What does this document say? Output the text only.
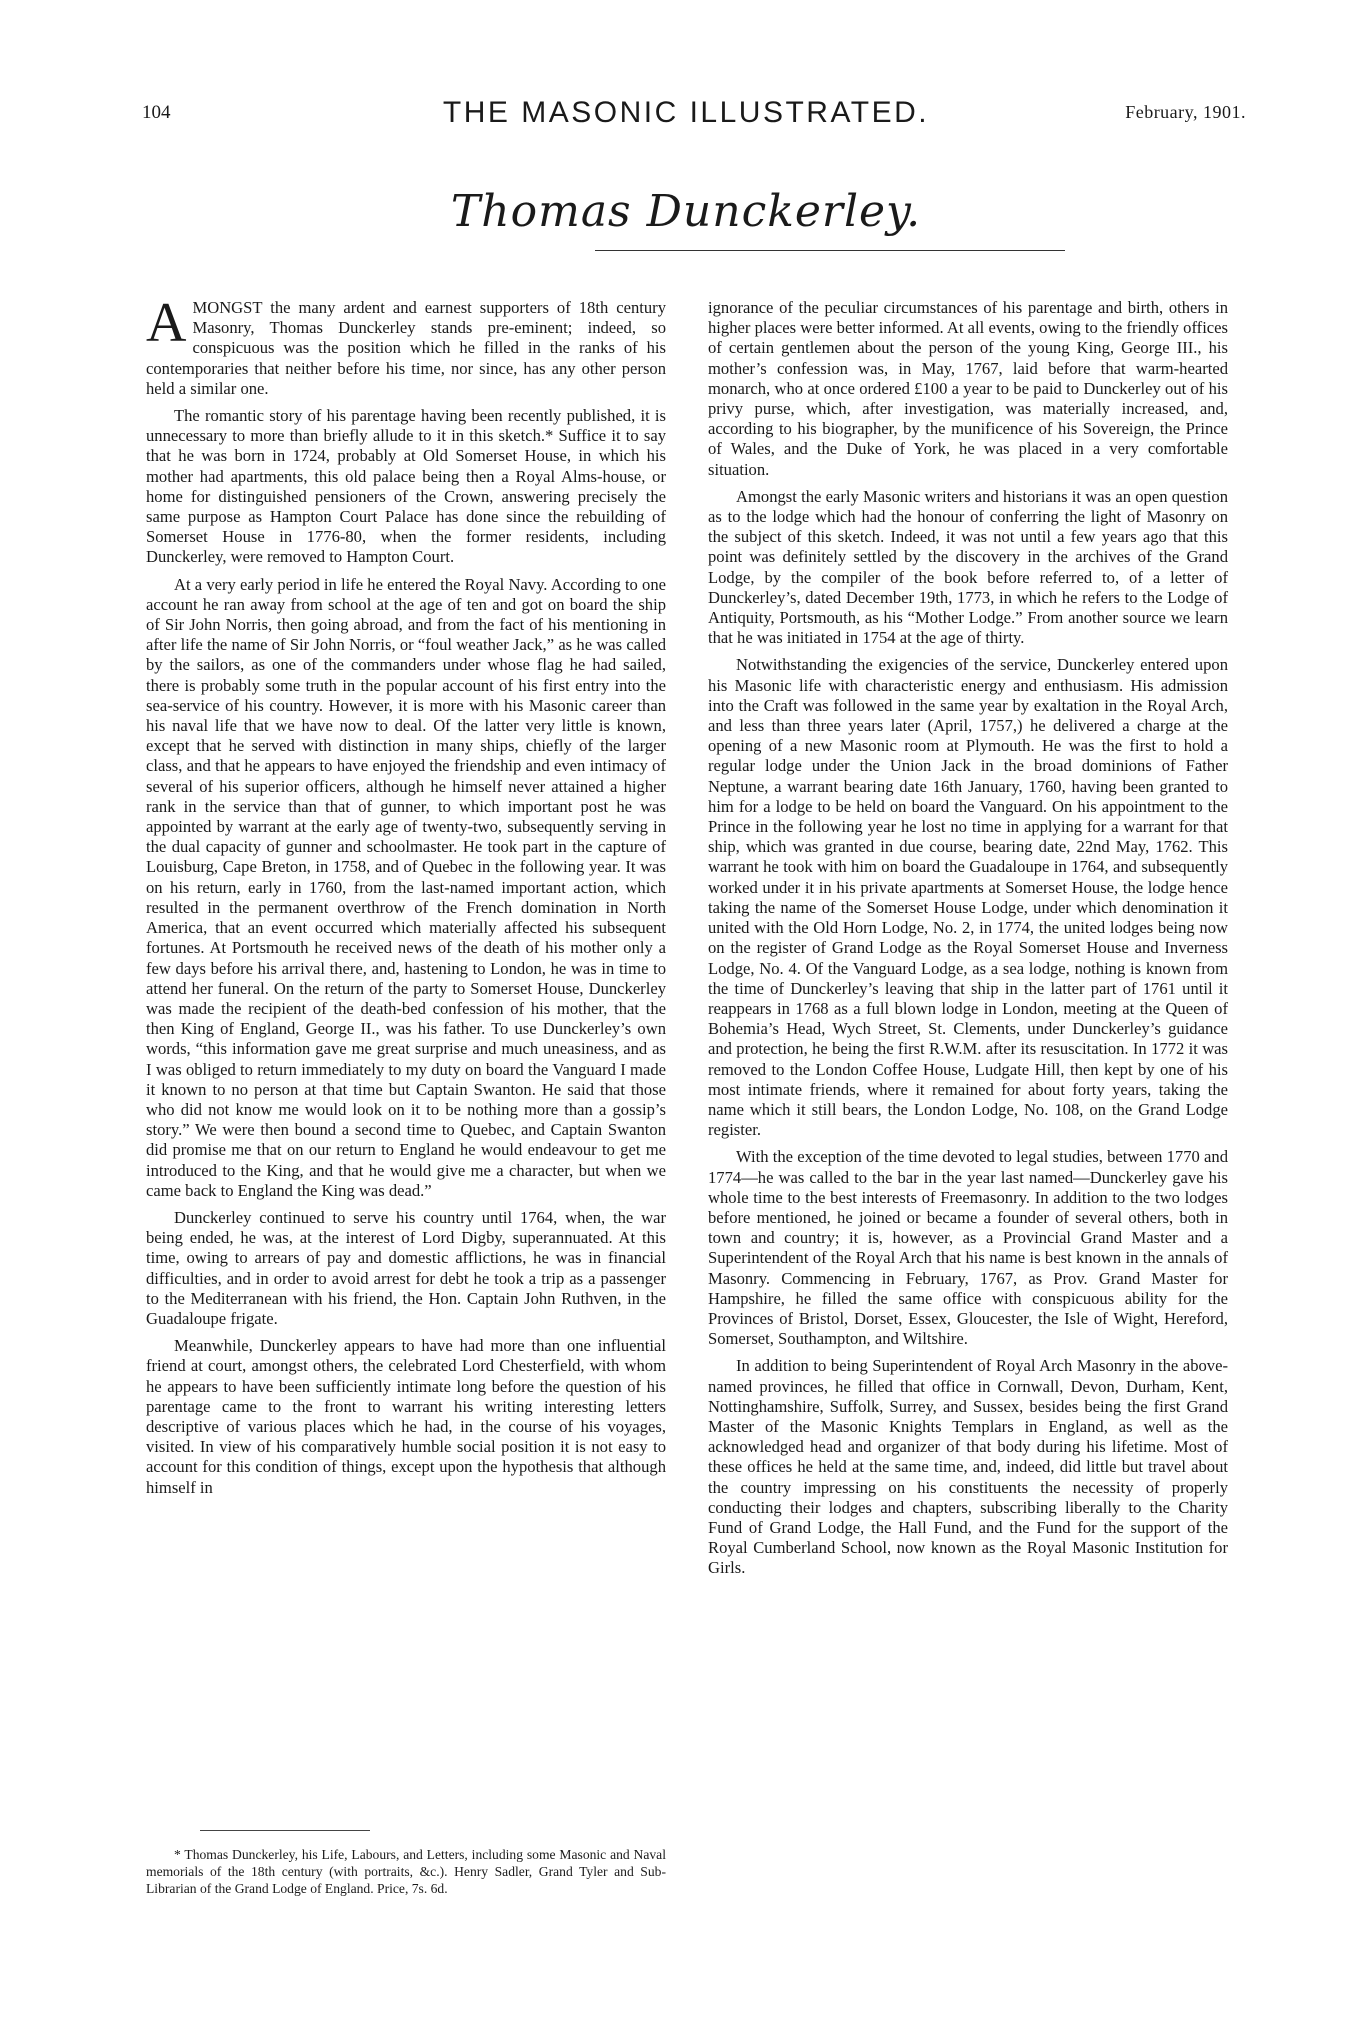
104	THE MASONIC ILLUSTRATED.	February, 1901.
Thomas Dunckerley.

AMONGST the many ardent and earnest supporters of 18th century Masonry, Thomas Dunckerley stands pre-eminent; indeed, so conspicuous was the position which he filled in the ranks of his contemporaries that neither before his time, nor since, has any other person held a similar one.

The romantic story of his parentage having been recently published, it is unnecessary to more than briefly allude to it in this sketch.* Suffice it to say that he was born in 1724, probably at Old Somerset House, in which his mother had apartments, this old palace being then a Royal Alms-house, or home for distinguished pensioners of the Crown, answering precisely the same purpose as Hampton Court Palace has done since the rebuilding of Somerset House in 1776-80, when the former residents, including Dunckerley, were removed to Hampton Court.

At a very early period in life he entered the Royal Navy. According to one account he ran away from school at the age of ten and got on board the ship of Sir John Norris, then going abroad, and from the fact of his mentioning in after life the name of Sir John Norris, or “foul weather Jack,” as he was called by the sailors, as one of the commanders under whose flag he had sailed, there is probably some truth in the popular account of his first entry into the sea-service of his country. However, it is more with his Masonic career than his naval life that we have now to deal. Of the latter very little is known, except that he served with distinction in many ships, chiefly of the larger class, and that he appears to have enjoyed the friendship and even intimacy of several of his superior officers, although he himself never attained a higher rank in the service than that of gunner, to which important post he was appointed by warrant at the early age of twenty-two, subsequently serving in the dual capacity of gunner and schoolmaster. He took part in the capture of Louisburg, Cape Breton, in 1758, and of Quebec in the following year. It was on his return, early in 1760, from the last-named important action, which resulted in the permanent overthrow of the French domination in North America, that an event occurred which materially affected his subsequent fortunes. At Portsmouth he received news of the death of his mother only a few days before his arrival there, and, hastening to London, he was in time to attend her funeral. On the return of the party to Somerset House, Dunckerley was made the recipient of the death-bed confession of his mother, that the then King of England, George II., was his father. To use Dunckerley’s own words, “this information gave me great surprise and much uneasiness, and as I was obliged to return immediately to my duty on board the Vanguard I made it known to no person at that time but Captain Swanton. He said that those who did not know me would look on it to be nothing more than a gossip’s story.” We were then bound a second time to Quebec, and Captain Swanton did promise me that on our return to England he would endeavour to get me introduced to the King, and that he would give me a character, but when we came back to England the King was dead.”

Dunckerley continued to serve his country until 1764, when, the war being ended, he was, at the interest of Lord Digby, superannuated. At this time, owing to arrears of pay and domestic afflictions, he was in financial difficulties, and in order to avoid arrest for debt he took a trip as a passenger to the Mediterranean with his friend, the Hon. Captain John Ruthven, in the Guadaloupe frigate.

Meanwhile, Dunckerley appears to have had more than one influential friend at court, amongst others, the celebrated Lord Chesterfield, with whom he appears to have been sufficiently intimate long before the question of his parentage came to the front to warrant his writing interesting letters descriptive of various places which he had, in the course of his voyages, visited. In view of his comparatively humble social position it is not easy to account for this condition of things, except upon the hypothesis that although himself in

ignorance of the peculiar circumstances of his parentage and birth, others in higher places were better informed. At all events, owing to the friendly offices of certain gentlemen about the person of the young King, George III., his mother’s confession was, in May, 1767, laid before that warm-hearted monarch, who at once ordered £100 a year to be paid to Dunckerley out of his privy purse, which, after investigation, was materially increased, and, according to his biographer, by the munificence of his Sovereign, the Prince of Wales, and the Duke of York, he was placed in a very comfortable situation.

Amongst the early Masonic writers and historians it was an open question as to the lodge which had the honour of conferring the light of Masonry on the subject of this sketch. Indeed, it was not until a few years ago that this point was definitely settled by the discovery in the archives of the Grand Lodge, by the compiler of the book before referred to, of a letter of Dunckerley’s, dated December 19th, 1773, in which he refers to the Lodge of Antiquity, Portsmouth, as his “Mother Lodge.” From another source we learn that he was initiated in 1754 at the age of thirty.

Notwithstanding the exigencies of the service, Dunckerley entered upon his Masonic life with characteristic energy and enthusiasm. His admission into the Craft was followed in the same year by exaltation in the Royal Arch, and less than three years later (April, 1757,) he delivered a charge at the opening of a new Masonic room at Plymouth. He was the first to hold a regular lodge under the Union Jack in the broad dominions of Father Neptune, a warrant bearing date 16th January, 1760, having been granted to him for a lodge to be held on board the Vanguard. On his appointment to the Prince in the following year he lost no time in applying for a warrant for that ship, which was granted in due course, bearing date, 22nd May, 1762. This warrant he took with him on board the Guadaloupe in 1764, and subsequently worked under it in his private apartments at Somerset House, the lodge hence taking the name of the Somerset House Lodge, under which denomination it united with the Old Horn Lodge, No. 2, in 1774, the united lodges being now on the register of Grand Lodge as the Royal Somerset House and Inverness Lodge, No. 4. Of the Vanguard Lodge, as a sea lodge, nothing is known from the time of Dunckerley’s leaving that ship in the latter part of 1761 until it reappears in 1768 as a full blown lodge in London, meeting at the Queen of Bohemia’s Head, Wych Street, St. Clements, under Dunckerley’s guidance and protection, he being the first R.W.M. after its resuscitation. In 1772 it was removed to the London Coffee House, Ludgate Hill, then kept by one of his most intimate friends, where it remained for about forty years, taking the name which it still bears, the London Lodge, No. 108, on the Grand Lodge register.

With the exception of the time devoted to legal studies, between 1770 and 1774—he was called to the bar in the year last named—Dunckerley gave his whole time to the best interests of Freemasonry. In addition to the two lodges before mentioned, he joined or became a founder of several others, both in town and country; it is, however, as a Provincial Grand Master and a Superintendent of the Royal Arch that his name is best known in the annals of Masonry. Commencing in February, 1767, as Prov. Grand Master for Hampshire, he filled the same office with conspicuous ability for the Provinces of Bristol, Dorset, Essex, Gloucester, the Isle of Wight, Hereford, Somerset, Southampton, and Wiltshire.

In addition to being Superintendent of Royal Arch Masonry in the above-named provinces, he filled that office in Cornwall, Devon, Durham, Kent, Nottinghamshire, Suffolk, Surrey, and Sussex, besides being the first Grand Master of the Masonic Knights Templars in England, as well as the acknowledged head and organizer of that body during his lifetime. Most of these offices he held at the same time, and, indeed, did little but travel about the country impressing on his constituents the necessity of properly conducting their lodges and chapters, subscribing liberally to the Charity Fund of Grand Lodge, the Hall Fund, and the Fund for the support of the Royal Cumberland School, now known as the Royal Masonic Institution for Girls.

* Thomas Dunckerley, his Life, Labours, and Letters, including some Masonic and Naval memorials of the 18th century (with portraits, &c.). Henry Sadler, Grand Tyler and Sub-Librarian of the Grand Lodge of England. Price, 7s. 6d.
